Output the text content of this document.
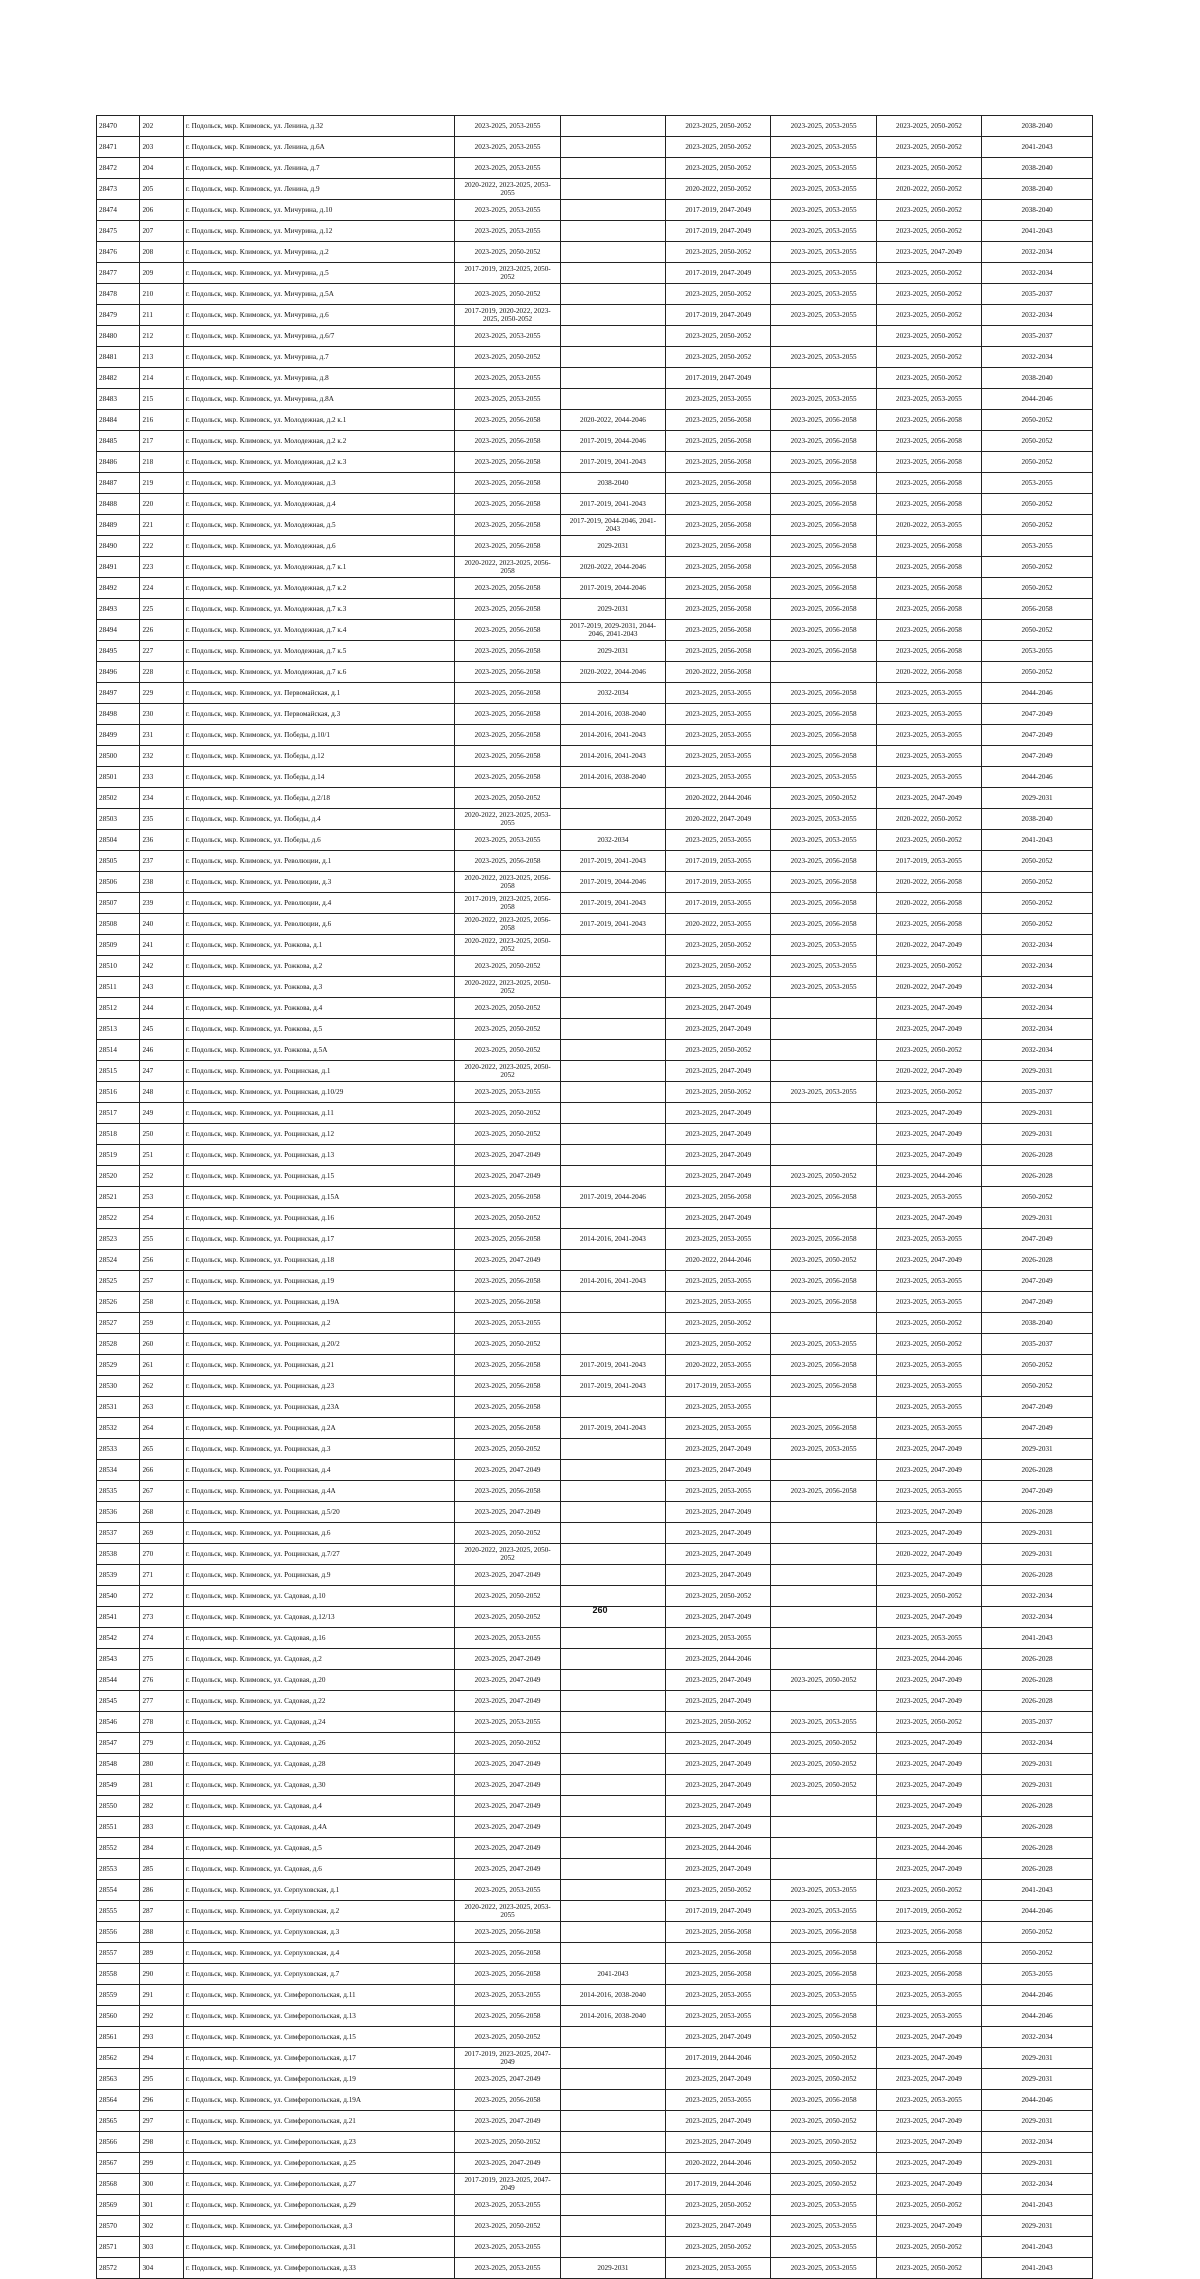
28470	202	г. Подольск, мкр. Климовск, ул. Ленина, д.32	2023-2025, 2053-2055		2023-2025, 2050-2052	2023-2025, 2053-2055	2023-2025, 2050-2052	2038-2040
28471	203	г. Подольск, мкр. Климовск, ул. Ленина, д.6А	2023-2025, 2053-2055		2023-2025, 2050-2052	2023-2025, 2053-2055	2023-2025, 2050-2052	2041-2043
28472	204	г. Подольск, мкр. Климовск, ул. Ленина, д.7	2023-2025, 2053-2055		2023-2025, 2050-2052	2023-2025, 2053-2055	2023-2025, 2050-2052	2038-2040
28473	205	г. Подольск, мкр. Климовск, ул. Ленина, д.9	2020-2022, 2023-2025, 2053-2055		2020-2022, 2050-2052	2023-2025, 2053-2055	2020-2022, 2050-2052	2038-2040
28474	206	г. Подольск, мкр. Климовск, ул. Мичурина, д.10	2023-2025, 2053-2055		2017-2019, 2047-2049	2023-2025, 2053-2055	2023-2025, 2050-2052	2038-2040
28475	207	г. Подольск, мкр. Климовск, ул. Мичурина, д.12	2023-2025, 2053-2055		2017-2019, 2047-2049	2023-2025, 2053-2055	2023-2025, 2050-2052	2041-2043
28476	208	г. Подольск, мкр. Климовск, ул. Мичурина, д.2	2023-2025, 2050-2052		2023-2025, 2050-2052	2023-2025, 2053-2055	2023-2025, 2047-2049	2032-2034
28477	209	г. Подольск, мкр. Климовск, ул. Мичурина, д.5	2017-2019, 2023-2025, 2050-2052		2017-2019, 2047-2049	2023-2025, 2053-2055	2023-2025, 2050-2052	2032-2034
28478	210	г. Подольск, мкр. Климовск, ул. Мичурина, д.5А	2023-2025, 2050-2052		2023-2025, 2050-2052	2023-2025, 2053-2055	2023-2025, 2050-2052	2035-2037
28479	211	г. Подольск, мкр. Климовск, ул. Мичурина, д.6	2017-2019, 2020-2022, 2023-2025, 2050-2052		2017-2019, 2047-2049	2023-2025, 2053-2055	2023-2025, 2050-2052	2032-2034
28480	212	г. Подольск, мкр. Климовск, ул. Мичурина, д.6/7	2023-2025, 2053-2055		2023-2025, 2050-2052		2023-2025, 2050-2052	2035-2037
28481	213	г. Подольск, мкр. Климовск, ул. Мичурина, д.7	2023-2025, 2050-2052		2023-2025, 2050-2052	2023-2025, 2053-2055	2023-2025, 2050-2052	2032-2034
28482	214	г. Подольск, мкр. Климовск, ул. Мичурина, д.8	2023-2025, 2053-2055		2017-2019, 2047-2049		2023-2025, 2050-2052	2038-2040
28483	215	г. Подольск, мкр. Климовск, ул. Мичурина, д.8А	2023-2025, 2053-2055		2023-2025, 2053-2055	2023-2025, 2053-2055	2023-2025, 2053-2055	2044-2046
28484	216	г. Подольск, мкр. Климовск, ул. Молодежная, д.2 к.1	2023-2025, 2056-2058	2020-2022, 2044-2046	2023-2025, 2056-2058	2023-2025, 2056-2058	2023-2025, 2056-2058	2050-2052
28485	217	г. Подольск, мкр. Климовск, ул. Молодежная, д.2 к.2	2023-2025, 2056-2058	2017-2019, 2044-2046	2023-2025, 2056-2058	2023-2025, 2056-2058	2023-2025, 2056-2058	2050-2052
28486	218	г. Подольск, мкр. Климовск, ул. Молодежная, д.2 к.3	2023-2025, 2056-2058	2017-2019, 2041-2043	2023-2025, 2056-2058	2023-2025, 2056-2058	2023-2025, 2056-2058	2050-2052
28487	219	г. Подольск, мкр. Климовск, ул. Молодежная, д.3	2023-2025, 2056-2058	2038-2040	2023-2025, 2056-2058	2023-2025, 2056-2058	2023-2025, 2056-2058	2053-2055
28488	220	г. Подольск, мкр. Климовск, ул. Молодежная, д.4	2023-2025, 2056-2058	2017-2019, 2041-2043	2023-2025, 2056-2058	2023-2025, 2056-2058	2023-2025, 2056-2058	2050-2052
28489	221	г. Подольск, мкр. Климовск, ул. Молодежная, д.5	2023-2025, 2056-2058	2017-2019, 2044-2046, 2041-2043	2023-2025, 2056-2058	2023-2025, 2056-2058	2020-2022, 2053-2055	2050-2052
28490	222	г. Подольск, мкр. Климовск, ул. Молодежная, д.6	2023-2025, 2056-2058	2029-2031	2023-2025, 2056-2058	2023-2025, 2056-2058	2023-2025, 2056-2058	2053-2055
28491	223	г. Подольск, мкр. Климовск, ул. Молодежная, д.7 к.1	2020-2022, 2023-2025, 2056-2058	2020-2022, 2044-2046	2023-2025, 2056-2058	2023-2025, 2056-2058	2023-2025, 2056-2058	2050-2052
28492	224	г. Подольск, мкр. Климовск, ул. Молодежная, д.7 к.2	2023-2025, 2056-2058	2017-2019, 2044-2046	2023-2025, 2056-2058	2023-2025, 2056-2058	2023-2025, 2056-2058	2050-2052
28493	225	г. Подольск, мкр. Климовск, ул. Молодежная, д.7 к.3	2023-2025, 2056-2058	2029-2031	2023-2025, 2056-2058	2023-2025, 2056-2058	2023-2025, 2056-2058	2056-2058
28494	226	г. Подольск, мкр. Климовск, ул. Молодежная, д.7 к.4	2023-2025, 2056-2058	2017-2019, 2029-2031, 2044-2046, 2041-2043	2023-2025, 2056-2058	2023-2025, 2056-2058	2023-2025, 2056-2058	2050-2052
28495	227	г. Подольск, мкр. Климовск, ул. Молодежная, д.7 к.5	2023-2025, 2056-2058	2029-2031	2023-2025, 2056-2058	2023-2025, 2056-2058	2023-2025, 2056-2058	2053-2055
28496	228	г. Подольск, мкр. Климовск, ул. Молодежная, д.7 к.6	2023-2025, 2056-2058	2020-2022, 2044-2046	2020-2022, 2056-2058		2020-2022, 2056-2058	2050-2052
28497	229	г. Подольск, мкр. Климовск, ул. Первомайская, д.1	2023-2025, 2056-2058	2032-2034	2023-2025, 2053-2055	2023-2025, 2056-2058	2023-2025, 2053-2055	2044-2046
28498	230	г. Подольск, мкр. Климовск, ул. Первомайская, д.3	2023-2025, 2056-2058	2014-2016, 2038-2040	2023-2025, 2053-2055	2023-2025, 2056-2058	2023-2025, 2053-2055	2047-2049
28499	231	г. Подольск, мкр. Климовск, ул. Победы, д.10/1	2023-2025, 2056-2058	2014-2016, 2041-2043	2023-2025, 2053-2055	2023-2025, 2056-2058	2023-2025, 2053-2055	2047-2049
28500	232	г. Подольск, мкр. Климовск, ул. Победы, д.12	2023-2025, 2056-2058	2014-2016, 2041-2043	2023-2025, 2053-2055	2023-2025, 2056-2058	2023-2025, 2053-2055	2047-2049
28501	233	г. Подольск, мкр. Климовск, ул. Победы, д.14	2023-2025, 2056-2058	2014-2016, 2038-2040	2023-2025, 2053-2055	2023-2025, 2053-2055	2023-2025, 2053-2055	2044-2046
28502	234	г. Подольск, мкр. Климовск, ул. Победы, д.2/18	2023-2025, 2050-2052		2020-2022, 2044-2046	2023-2025, 2050-2052	2023-2025, 2047-2049	2029-2031
28503	235	г. Подольск, мкр. Климовск, ул. Победы, д.4	2020-2022, 2023-2025, 2053-2055		2020-2022, 2047-2049	2023-2025, 2053-2055	2020-2022, 2050-2052	2038-2040
28504	236	г. Подольск, мкр. Климовск, ул. Победы, д.6	2023-2025, 2053-2055	2032-2034	2023-2025, 2053-2055	2023-2025, 2053-2055	2023-2025, 2050-2052	2041-2043
28505	237	г. Подольск, мкр. Климовск, ул. Революции, д.1	2023-2025, 2056-2058	2017-2019, 2041-2043	2017-2019, 2053-2055	2023-2025, 2056-2058	2017-2019, 2053-2055	2050-2052
28506	238	г. Подольск, мкр. Климовск, ул. Революции, д.3	2020-2022, 2023-2025, 2056-2058	2017-2019, 2044-2046	2017-2019, 2053-2055	2023-2025, 2056-2058	2020-2022, 2056-2058	2050-2052
28507	239	г. Подольск, мкр. Климовск, ул. Революции, д.4	2017-2019, 2023-2025, 2056-2058	2017-2019, 2041-2043	2017-2019, 2053-2055	2023-2025, 2056-2058	2020-2022, 2056-2058	2050-2052
28508	240	г. Подольск, мкр. Климовск, ул. Революции, д.6	2020-2022, 2023-2025, 2056-2058	2017-2019, 2041-2043	2020-2022, 2053-2055	2023-2025, 2056-2058	2023-2025, 2056-2058	2050-2052
28509	241	г. Подольск, мкр. Климовск, ул. Рожкова, д.1	2020-2022, 2023-2025, 2050-2052		2023-2025, 2050-2052	2023-2025, 2053-2055	2020-2022, 2047-2049	2032-2034
28510	242	г. Подольск, мкр. Климовск, ул. Рожкова, д.2	2023-2025, 2050-2052		2023-2025, 2050-2052	2023-2025, 2053-2055	2023-2025, 2050-2052	2032-2034
28511	243	г. Подольск, мкр. Климовск, ул. Рожкова, д.3	2020-2022, 2023-2025, 2050-2052		2023-2025, 2050-2052	2023-2025, 2053-2055	2020-2022, 2047-2049	2032-2034
28512	244	г. Подольск, мкр. Климовск, ул. Рожкова, д.4	2023-2025, 2050-2052		2023-2025, 2047-2049		2023-2025, 2047-2049	2032-2034
28513	245	г. Подольск, мкр. Климовск, ул. Рожкова, д.5	2023-2025, 2050-2052		2023-2025, 2047-2049		2023-2025, 2047-2049	2032-2034
28514	246	г. Подольск, мкр. Климовск, ул. Рожкова, д.5А	2023-2025, 2050-2052		2023-2025, 2050-2052		2023-2025, 2050-2052	2032-2034
28515	247	г. Подольск, мкр. Климовск, ул. Рощинская, д.1	2020-2022, 2023-2025, 2050-2052		2023-2025, 2047-2049		2020-2022, 2047-2049	2029-2031
28516	248	г. Подольск, мкр. Климовск, ул. Рощинская, д.10/29	2023-2025, 2053-2055		2023-2025, 2050-2052	2023-2025, 2053-2055	2023-2025, 2050-2052	2035-2037
28517	249	г. Подольск, мкр. Климовск, ул. Рощинская, д.11	2023-2025, 2050-2052		2023-2025, 2047-2049		2023-2025, 2047-2049	2029-2031
28518	250	г. Подольск, мкр. Климовск, ул. Рощинская, д.12	2023-2025, 2050-2052		2023-2025, 2047-2049		2023-2025, 2047-2049	2029-2031
28519	251	г. Подольск, мкр. Климовск, ул. Рощинская, д.13	2023-2025, 2047-2049		2023-2025, 2047-2049		2023-2025, 2047-2049	2026-2028
28520	252	г. Подольск, мкр. Климовск, ул. Рощинская, д.15	2023-2025, 2047-2049		2023-2025, 2047-2049	2023-2025, 2050-2052	2023-2025, 2044-2046	2026-2028
28521	253	г. Подольск, мкр. Климовск, ул. Рощинская, д.15А	2023-2025, 2056-2058	2017-2019, 2044-2046	2023-2025, 2056-2058	2023-2025, 2056-2058	2023-2025, 2053-2055	2050-2052
28522	254	г. Подольск, мкр. Климовск, ул. Рощинская, д.16	2023-2025, 2050-2052		2023-2025, 2047-2049		2023-2025, 2047-2049	2029-2031
28523	255	г. Подольск, мкр. Климовск, ул. Рощинская, д.17	2023-2025, 2056-2058	2014-2016, 2041-2043	2023-2025, 2053-2055	2023-2025, 2056-2058	2023-2025, 2053-2055	2047-2049
28524	256	г. Подольск, мкр. Климовск, ул. Рощинская, д.18	2023-2025, 2047-2049		2020-2022, 2044-2046	2023-2025, 2050-2052	2023-2025, 2047-2049	2026-2028
28525	257	г. Подольск, мкр. Климовск, ул. Рощинская, д.19	2023-2025, 2056-2058	2014-2016, 2041-2043	2023-2025, 2053-2055	2023-2025, 2056-2058	2023-2025, 2053-2055	2047-2049
28526	258	г. Подольск, мкр. Климовск, ул. Рощинская, д.19А	2023-2025, 2056-2058		2023-2025, 2053-2055	2023-2025, 2056-2058	2023-2025, 2053-2055	2047-2049
28527	259	г. Подольск, мкр. Климовск, ул. Рощинская, д.2	2023-2025, 2053-2055		2023-2025, 2050-2052		2023-2025, 2050-2052	2038-2040
28528	260	г. Подольск, мкр. Климовск, ул. Рощинская, д.20/2	2023-2025, 2050-2052		2023-2025, 2050-2052	2023-2025, 2053-2055	2023-2025, 2050-2052	2035-2037
28529	261	г. Подольск, мкр. Климовск, ул. Рощинская, д.21	2023-2025, 2056-2058	2017-2019, 2041-2043	2020-2022, 2053-2055	2023-2025, 2056-2058	2023-2025, 2053-2055	2050-2052
28530	262	г. Подольск, мкр. Климовск, ул. Рощинская, д.23	2023-2025, 2056-2058	2017-2019, 2041-2043	2017-2019, 2053-2055	2023-2025, 2056-2058	2023-2025, 2053-2055	2050-2052
28531	263	г. Подольск, мкр. Климовск, ул. Рощинская, д.23А	2023-2025, 2056-2058		2023-2025, 2053-2055		2023-2025, 2053-2055	2047-2049
28532	264	г. Подольск, мкр. Климовск, ул. Рощинская, д.2А	2023-2025, 2056-2058	2017-2019, 2041-2043	2023-2025, 2053-2055	2023-2025, 2056-2058	2023-2025, 2053-2055	2047-2049
28533	265	г. Подольск, мкр. Климовск, ул. Рощинская, д.3	2023-2025, 2050-2052		2023-2025, 2047-2049	2023-2025, 2053-2055	2023-2025, 2047-2049	2029-2031
28534	266	г. Подольск, мкр. Климовск, ул. Рощинская, д.4	2023-2025, 2047-2049		2023-2025, 2047-2049		2023-2025, 2047-2049	2026-2028
28535	267	г. Подольск, мкр. Климовск, ул. Рощинская, д.4А	2023-2025, 2056-2058		2023-2025, 2053-2055	2023-2025, 2056-2058	2023-2025, 2053-2055	2047-2049
28536	268	г. Подольск, мкр. Климовск, ул. Рощинская, д.5/20	2023-2025, 2047-2049		2023-2025, 2047-2049		2023-2025, 2047-2049	2026-2028
28537	269	г. Подольск, мкр. Климовск, ул. Рощинская, д.6	2023-2025, 2050-2052		2023-2025, 2047-2049		2023-2025, 2047-2049	2029-2031
28538	270	г. Подольск, мкр. Климовск, ул. Рощинская, д.7/27	2020-2022, 2023-2025, 2050-2052		2023-2025, 2047-2049		2020-2022, 2047-2049	2029-2031
28539	271	г. Подольск, мкр. Климовск, ул. Рощинская, д.9	2023-2025, 2047-2049		2023-2025, 2047-2049		2023-2025, 2047-2049	2026-2028
28540	272	г. Подольск, мкр. Климовск, ул. Садовая, д.10	2023-2025, 2050-2052		2023-2025, 2050-2052		2023-2025, 2050-2052	2032-2034
28541	273	г. Подольск, мкр. Климовск, ул. Садовая, д.12/13	2023-2025, 2050-2052		2023-2025, 2047-2049		2023-2025, 2047-2049	2032-2034
28542	274	г. Подольск, мкр. Климовск, ул. Садовая, д.16	2023-2025, 2053-2055		2023-2025, 2053-2055		2023-2025, 2053-2055	2041-2043
28543	275	г. Подольск, мкр. Климовск, ул. Садовая, д.2	2023-2025, 2047-2049		2023-2025, 2044-2046		2023-2025, 2044-2046	2026-2028
28544	276	г. Подольск, мкр. Климовск, ул. Садовая, д.20	2023-2025, 2047-2049		2023-2025, 2047-2049	2023-2025, 2050-2052	2023-2025, 2047-2049	2026-2028
28545	277	г. Подольск, мкр. Климовск, ул. Садовая, д.22	2023-2025, 2047-2049		2023-2025, 2047-2049		2023-2025, 2047-2049	2026-2028
28546	278	г. Подольск, мкр. Климовск, ул. Садовая, д.24	2023-2025, 2053-2055		2023-2025, 2050-2052	2023-2025, 2053-2055	2023-2025, 2050-2052	2035-2037
28547	279	г. Подольск, мкр. Климовск, ул. Садовая, д.26	2023-2025, 2050-2052		2023-2025, 2047-2049	2023-2025, 2050-2052	2023-2025, 2047-2049	2032-2034
28548	280	г. Подольск, мкр. Климовск, ул. Садовая, д.28	2023-2025, 2047-2049		2023-2025, 2047-2049	2023-2025, 2050-2052	2023-2025, 2047-2049	2029-2031
28549	281	г. Подольск, мкр. Климовск, ул. Садовая, д.30	2023-2025, 2047-2049		2023-2025, 2047-2049	2023-2025, 2050-2052	2023-2025, 2047-2049	2029-2031
28550	282	г. Подольск, мкр. Климовск, ул. Садовая, д.4	2023-2025, 2047-2049		2023-2025, 2047-2049		2023-2025, 2047-2049	2026-2028
28551	283	г. Подольск, мкр. Климовск, ул. Садовая, д.4А	2023-2025, 2047-2049		2023-2025, 2047-2049		2023-2025, 2047-2049	2026-2028
28552	284	г. Подольск, мкр. Климовск, ул. Садовая, д.5	2023-2025, 2047-2049		2023-2025, 2044-2046		2023-2025, 2044-2046	2026-2028
28553	285	г. Подольск, мкр. Климовск, ул. Садовая, д.6	2023-2025, 2047-2049		2023-2025, 2047-2049		2023-2025, 2047-2049	2026-2028
28554	286	г. Подольск, мкр. Климовск, ул. Серпуховская, д.1	2023-2025, 2053-2055		2023-2025, 2050-2052	2023-2025, 2053-2055	2023-2025, 2050-2052	2041-2043
28555	287	г. Подольск, мкр. Климовск, ул. Серпуховская, д.2	2020-2022, 2023-2025, 2053-2055		2017-2019, 2047-2049	2023-2025, 2053-2055	2017-2019, 2050-2052	2044-2046
28556	288	г. Подольск, мкр. Климовск, ул. Серпуховская, д.3	2023-2025, 2056-2058		2023-2025, 2056-2058	2023-2025, 2056-2058	2023-2025, 2056-2058	2050-2052
28557	289	г. Подольск, мкр. Климовск, ул. Серпуховская, д.4	2023-2025, 2056-2058		2023-2025, 2056-2058	2023-2025, 2056-2058	2023-2025, 2056-2058	2050-2052
28558	290	г. Подольск, мкр. Климовск, ул. Серпуховская, д.7	2023-2025, 2056-2058	2041-2043	2023-2025, 2056-2058	2023-2025, 2056-2058	2023-2025, 2056-2058	2053-2055
28559	291	г. Подольск, мкр. Климовск, ул. Симферопольская, д.11	2023-2025, 2053-2055	2014-2016, 2038-2040	2023-2025, 2053-2055	2023-2025, 2053-2055	2023-2025, 2053-2055	2044-2046
28560	292	г. Подольск, мкр. Климовск, ул. Симферопольская, д.13	2023-2025, 2056-2058	2014-2016, 2038-2040	2023-2025, 2053-2055	2023-2025, 2056-2058	2023-2025, 2053-2055	2044-2046
28561	293	г. Подольск, мкр. Климовск, ул. Симферопольская, д.15	2023-2025, 2050-2052		2023-2025, 2047-2049	2023-2025, 2050-2052	2023-2025, 2047-2049	2032-2034
28562	294	г. Подольск, мкр. Климовск, ул. Симферопольская, д.17	2017-2019, 2023-2025, 2047-2049		2017-2019, 2044-2046	2023-2025, 2050-2052	2023-2025, 2047-2049	2029-2031
28563	295	г. Подольск, мкр. Климовск, ул. Симферопольская, д.19	2023-2025, 2047-2049		2023-2025, 2047-2049	2023-2025, 2050-2052	2023-2025, 2047-2049	2029-2031
28564	296	г. Подольск, мкр. Климовск, ул. Симферопольская, д.19А	2023-2025, 2056-2058		2023-2025, 2053-2055	2023-2025, 2056-2058	2023-2025, 2053-2055	2044-2046
28565	297	г. Подольск, мкр. Климовск, ул. Симферопольская, д.21	2023-2025, 2047-2049		2023-2025, 2047-2049	2023-2025, 2050-2052	2023-2025, 2047-2049	2029-2031
28566	298	г. Подольск, мкр. Климовск, ул. Симферопольская, д.23	2023-2025, 2050-2052		2023-2025, 2047-2049	2023-2025, 2050-2052	2023-2025, 2047-2049	2032-2034
28567	299	г. Подольск, мкр. Климовск, ул. Симферопольская, д.25	2023-2025, 2047-2049		2020-2022, 2044-2046	2023-2025, 2050-2052	2023-2025, 2047-2049	2029-2031
28568	300	г. Подольск, мкр. Климовск, ул. Симферопольская, д.27	2017-2019, 2023-2025, 2047-2049		2017-2019, 2044-2046	2023-2025, 2050-2052	2023-2025, 2047-2049	2032-2034
28569	301	г. Подольск, мкр. Климовск, ул. Симферопольская, д.29	2023-2025, 2053-2055		2023-2025, 2050-2052	2023-2025, 2053-2055	2023-2025, 2050-2052	2041-2043
28570	302	г. Подольск, мкр. Климовск, ул. Симферопольская, д.3	2023-2025, 2050-2052		2023-2025, 2047-2049	2023-2025, 2053-2055	2023-2025, 2047-2049	2029-2031
28571	303	г. Подольск, мкр. Климовск, ул. Симферопольская, д.31	2023-2025, 2053-2055		2023-2025, 2050-2052	2023-2025, 2053-2055	2023-2025, 2050-2052	2041-2043
28572	304	г. Подольск, мкр. Климовск, ул. Симферопольская, д.33	2023-2025, 2053-2055	2029-2031	2023-2025, 2053-2055	2023-2025, 2053-2055	2023-2025, 2050-2052	2041-2043
260
